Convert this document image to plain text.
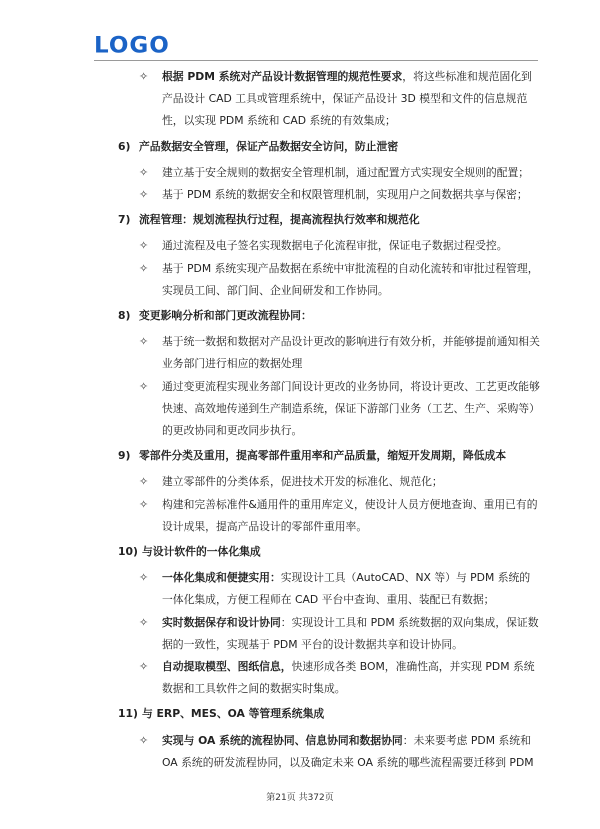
LOGO
✧ 根据 PDM 系统对产品设计数据管理的规范性要求，将这些标准和规范固化到产品设计 CAD 工具或管理系统中，保证产品设计 3D 模型和文件的信息规范性，以实现 PDM 系统和 CAD 系统的有效集成；
6) 产品数据安全管理，保证产品数据安全访问，防止泄密
✧ 建立基于安全规则的数据安全管理机制，通过配置方式实现安全规则的配置；
✧ 基于 PDM 系统的数据安全和权限管理机制，实现用户之间数据共享与保密；
7) 流程管理：规划流程执行过程，提高流程执行效率和规范化
✧ 通过流程及电子签名实现数据电子化流程审批，保证电子数据过程受控。
✧ 基于 PDM 系统实现产品数据在系统中审批流程的自动化流转和审批过程管理，实现员工间、部门间、企业间研发和工作协同。
8) 变更影响分析和部门更改流程协同：
✧ 基于统一数据和数据对产品设计更改的影响进行有效分析，并能够提前通知相关业务部门进行相应的数据处理
✧ 通过变更流程实现业务部门间设计更改的业务协同，将设计更改、工艺更改能够快速、高效地传递到生产制造系统，保证下游部门业务（工艺、生产、采购等）的更改协同和更改同步执行。
9) 零部件分类及重用，提高零部件重用率和产品质量，缩短开发周期，降低成本
✧ 建立零部件的分类体系，促进技术开发的标准化、规范化；
✧ 构建和完善标准件&通用件的重用库定义，使设计人员方便地查询、重用已有的设计成果，提高产品设计的零部件重用率。
10) 与设计软件的一体化集成
✧ 一体化集成和便捷实用：实现设计工具（AutoCAD、NX 等）与 PDM 系统的一体化集成，方便工程师在 CAD 平台中查询、重用、装配已有数据；
✧ 实时数据保存和设计协同：实现设计工具和 PDM 系统数据的双向集成，保证数据的一致性，实现基于 PDM 平台的设计数据共享和设计协同。
✧ 自动提取模型、图纸信息，快速形成各类 BOM，准确性高，并实现 PDM 系统数据和工具软件之间的数据实时集成。
11) 与 ERP、MES、OA 等管理系统集成
✧ 实现与 OA 系统的流程协同、信息协同和数据协同：未来要考虑 PDM 系统和 OA 系统的研发流程协同，以及确定未来 OA 系统的哪些流程需要迁移到 PDM
第21页 共372页
